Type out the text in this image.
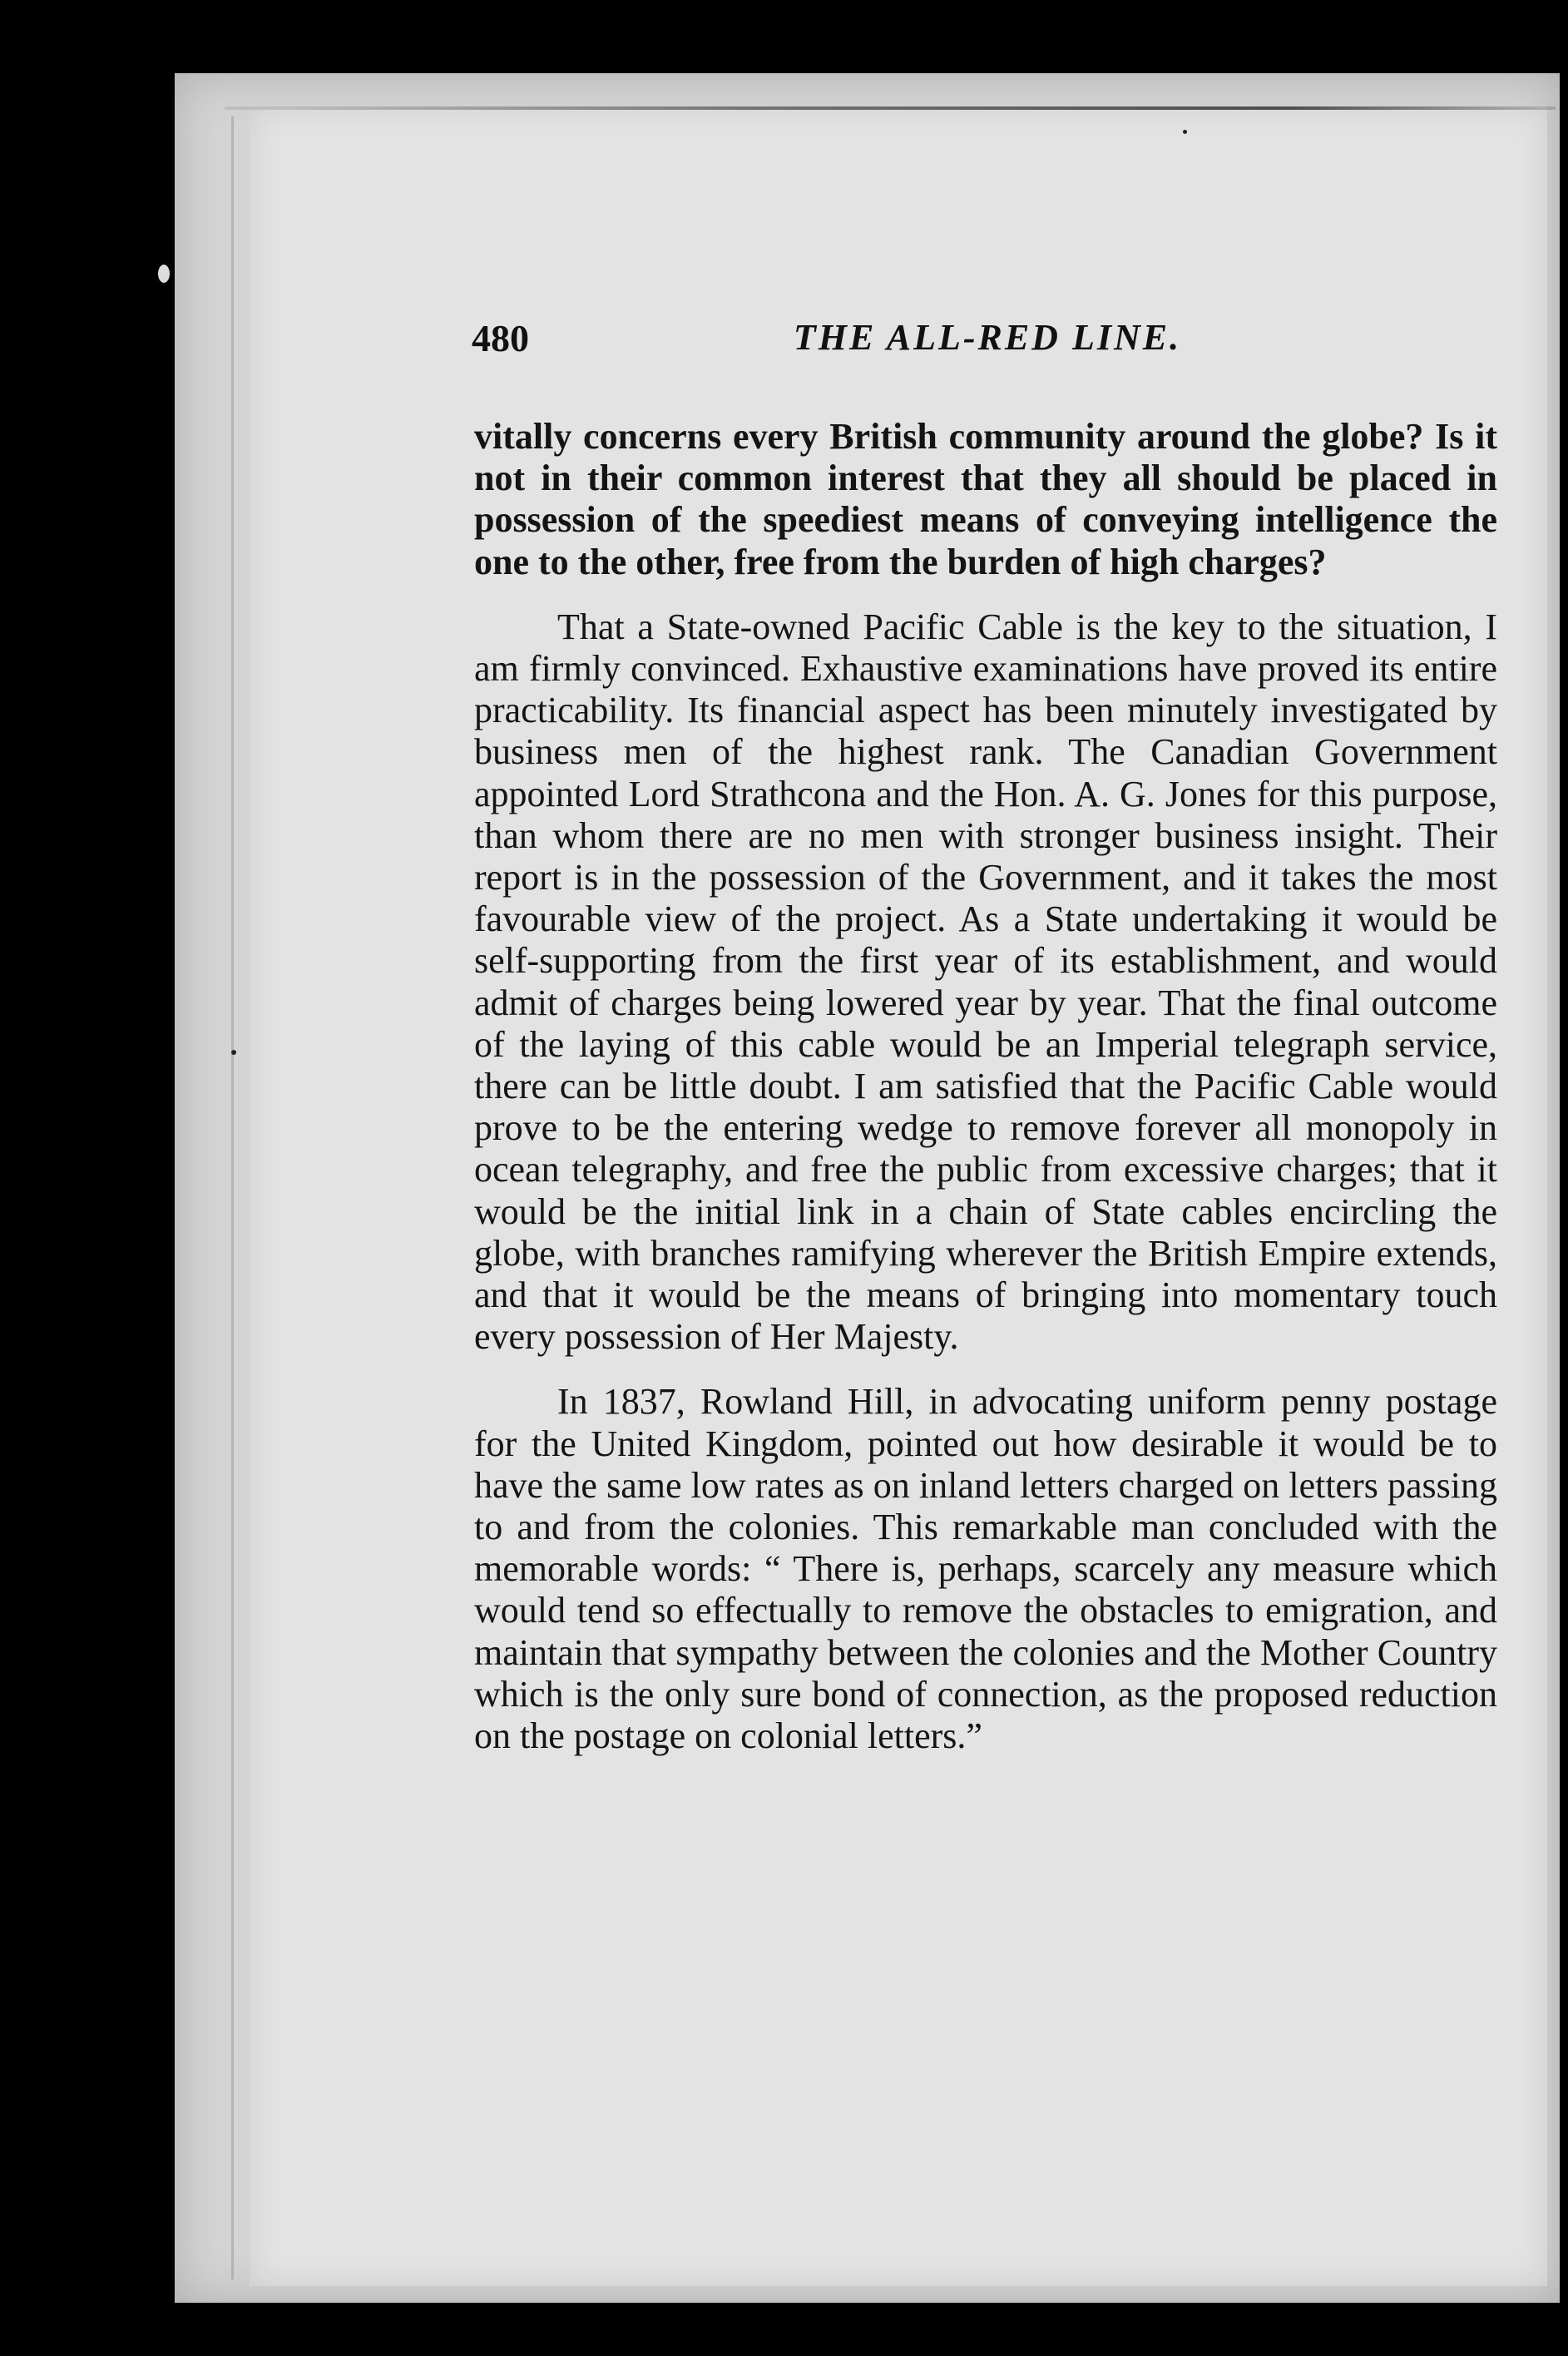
480	THE ALL-RED LINE.

vitally concerns every British community around the globe? Is it not in their common interest that they all should be placed in possession of the speediest means of conveying intelligence the one to the other, free from the burden of high charges?

That a State-owned Pacific Cable is the key to the situation, I am firmly convinced. Exhaustive examinations have proved its entire practicability. Its financial aspect has been minutely investigated by business men of the highest rank. The Canadian Government appointed Lord Strathcona and the Hon. A. G. Jones for this purpose, than whom there are no men with stronger business insight. Their report is in the possession of the Government, and it takes the most favourable view of the project. As a State undertaking it would be self-supporting from the first year of its establishment, and would admit of charges being lowered year by year. That the final outcome of the laying of this cable would be an Imperial telegraph service, there can be little doubt. I am satisfied that the Pacific Cable would prove to be the entering wedge to remove forever all monopoly in ocean telegraphy, and free the public from excessive charges; that it would be the initial link in a chain of State cables encircling the globe, with branches ramifying wherever the British Empire extends, and that it would be the means of bringing into momentary touch every possession of Her Majesty.

In 1837, Rowland Hill, in advocating uniform penny postage for the United Kingdom, pointed out how desirable it would be to have the same low rates as on inland letters charged on letters passing to and from the colonies. This remarkable man concluded with the memorable words: “ There is, perhaps, scarcely any measure which would tend so effectually to remove the obstacles to emigration, and maintain that sympathy between the colonies and the Mother Country which is the only sure bond of connection, as the proposed reduction on the postage on colonial letters.”
